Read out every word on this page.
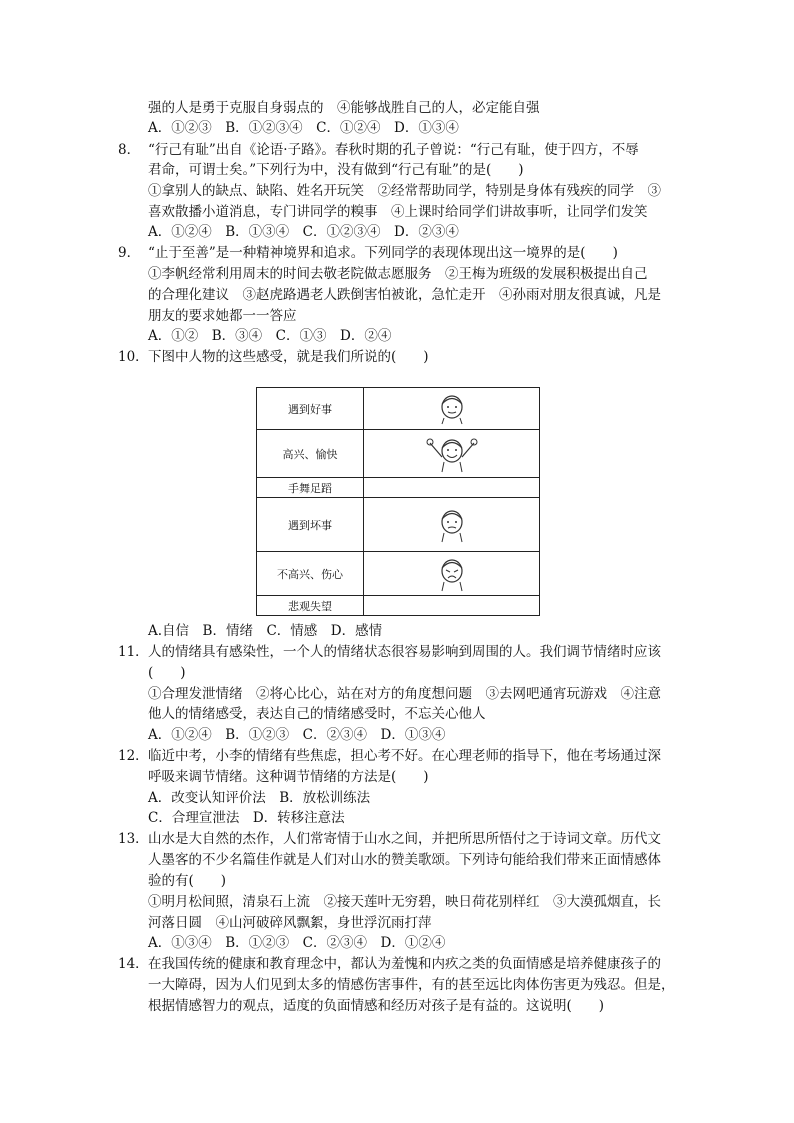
强的人是勇于克服自身弱点的　④能够战胜自己的人，必定能自强
A．①②③　B．①②③④　C．①②④　D．①③④
8． “行己有耻”出自《论语·子路》。春秋时期的孔子曾说：“行己有耻，使于四方，不辱
君命，可谓士矣。”下列行为中，没有做到“行己有耻”的是(　　)
①拿别人的缺点、缺陷、姓名开玩笑　②经常帮助同学，特别是身体有残疾的同学　③
喜欢散播小道消息，专门讲同学的糗事　④上课时给同学们讲故事听，让同学们发笑
A．①②④　B．①③④　C．①②③④　D．②③④
9． “止于至善”是一种精神境界和追求。下列同学的表现体现出这一境界的是(　　)
①李帆经常利用周末的时间去敬老院做志愿服务　②王梅为班级的发展积极提出自己
的合理化建议　③赵虎路遇老人跌倒害怕被讹，急忙走开　④孙雨对朋友很真诚，凡是
朋友的要求她都一一答应
A．①②　B．③④　C．①③　D．②④
10． 下图中人物的这些感受，就是我们所说的(　　)
遇到好事	

高兴、愉快	

手舞足蹈	
遇到坏事	

不高兴、伤心	

悲观失望	
A.自信　B．情绪　C．情感　D．感情
11． 人的情绪具有感染性，一个人的情绪状态很容易影响到周围的人。我们调节情绪时应该
(　　)
①合理发泄情绪　②将心比心，站在对方的角度想问题　③去网吧通宵玩游戏　④注意
他人的情绪感受，表达自己的情绪感受时，不忘关心他人
A．①②④　B．①②③　C．②③④　D．①③④
12． 临近中考，小李的情绪有些焦虑，担心考不好。在心理老师的指导下，他在考场通过深
呼吸来调节情绪。这种调节情绪的方法是(　　)
A．改变认知评价法　B．放松训练法
C．合理宣泄法　D．转移注意法
13． 山水是大自然的杰作，人们常寄情于山水之间，并把所思所悟付之于诗词文章。历代文
人墨客的不少名篇佳作就是人们对山水的赞美歌颂。下列诗句能给我们带来正面情感体
验的有(　　)
①明月松间照，清泉石上流　②接天莲叶无穷碧，映日荷花别样红　③大漠孤烟直，长
河落日圆　④山河破碎风飘絮，身世浮沉雨打萍
A．①③④　B．①②③　C．②③④　D．①②④
14． 在我国传统的健康和教育理念中，都认为羞愧和内疚之类的负面情感是培养健康孩子的
一大障碍，因为人们见到太多的情感伤害事件，有的甚至远比肉体伤害更为残忍。但是，
根据情感智力的观点，适度的负面情感和经历对孩子是有益的。这说明(　　)
